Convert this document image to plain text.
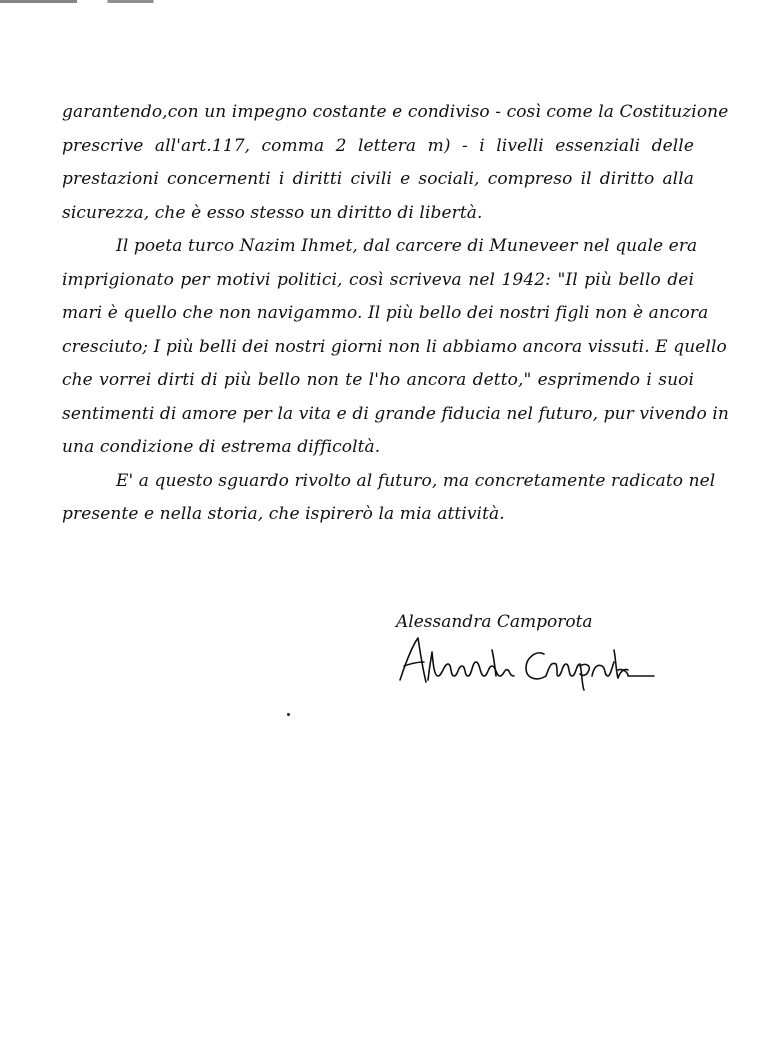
garantendo,con un impegno costante e condiviso - così come la Costituzione
prescrive all'art.117, comma 2 lettera m) - i livelli essenziali delle
prestazioni concernenti i diritti civili e sociali, compreso il diritto alla
sicurezza, che è esso stesso un diritto di libertà.
Il poeta turco Nazim Ihmet, dal carcere di Muneveer nel quale era
imprigionato per motivi politici, così scriveva nel 1942: "Il più bello dei
mari è quello che non navigammo. Il più bello dei nostri figli non è ancora
cresciuto; I più belli dei nostri giorni non li abbiamo ancora vissuti. E quello
che vorrei dirti di più bello non te l'ho ancora detto," esprimendo i suoi
sentimenti di amore per la vita e di grande fiducia nel futuro, pur vivendo in
una condizione di estrema difficoltà.
E' a questo sguardo rivolto al futuro, ma concretamente radicato nel
presente e nella storia, che ispirerò la mia attività.
Alessandra Camporota
